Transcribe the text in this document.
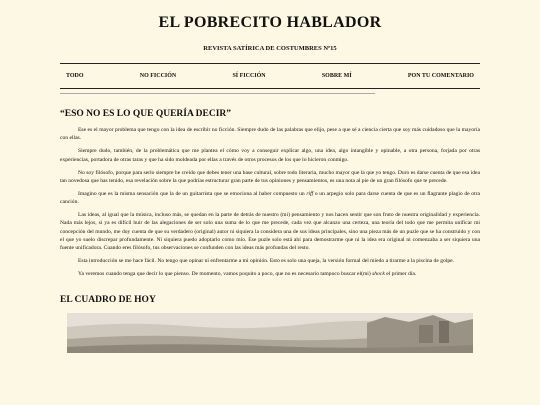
EL POBRECITO HABLADOR
REVISTA SATÍRICA DE COSTUMBRES Nº15
TODO	NO FICCIÓN	SÍ FICCIÓN	SOBRE MÍ	PON TU COMENTARIO
“ESO NO ES LO QUE QUERÍA DECIR”

Ese es el mayor problema que tengo con la idea de escribir no ficción. Siempre dudo de las palabras que elijo, pese a que sé a ciencia cierta que soy más cuidadoso que la mayoría con ellas.

Siempre dudo, también, de la problemática que me plantea el cómo voy a conseguir explicar algo, una idea, algo intangible y opinable, a otra persona, forjada por otras experiencias, portadora de otras taras y que ha sido moldeada por ellas a través de otros procesos de los que lo hicieron conmigo.

No soy filósofo, porque para serlo siempre he creído que debes tener una base cultural, sobre todo literaria, mucho mayor que la que yo tengo. Duro es darse cuenta de que esa idea tan novedosa que has tenido, esa revelación sobre la que podrías estructurar gran parte de tus opiniones y pensamientos, es una nota al pie de un gran filósofo que te precede.

Imagino que es la misma sensación que la de un guitarrista que se emociona al haber compuesto un riff o un arpegio solo para darse cuenta de que es un flagrante plagio de otra canción.

Las ideas, al igual que la música, incluso más, se quedan en la parte de detrás de nuestro (mi) pensamiento y nos hacen sentir que son fruto de nuestra originalidad y experiencia. Nada más lejos, si ya es difícil huir de las alegaciones de ser solo una suma de lo que me precede, cada vez que alcanzo una certeza, una teoría del todo que me permita unificar mi concepción del mundo, me doy cuenta de que su verdadero (original) autor ni siquiera la considera una de sus ideas principales, sino una pieza más de un puzle que se ha construido y con el que yo suelo discrepar profundamente. Ni siquiera puedo adoptarlo como mío. Ese puzle solo está ahí para demostrarme que ni la idea era original ni comenzaba a ser siquiera una fuente unificadora. Cuando eres filósofo, tus observaciones se confunden con las ideas más profundas del resto.

Esta introducción se me hace fácil. No tengo que opinar ni enfrentarme a mi opinión. Esto es solo una queja, la versión formal del miedo a tirarme a la piscina de golpe.

Ya veremos cuando tenga que decir lo que pienso. De momento, vamos poquito a poco, que no es necesario tampoco buscar el(mi) shock el primer día.

EL CUADRO DE HOY
